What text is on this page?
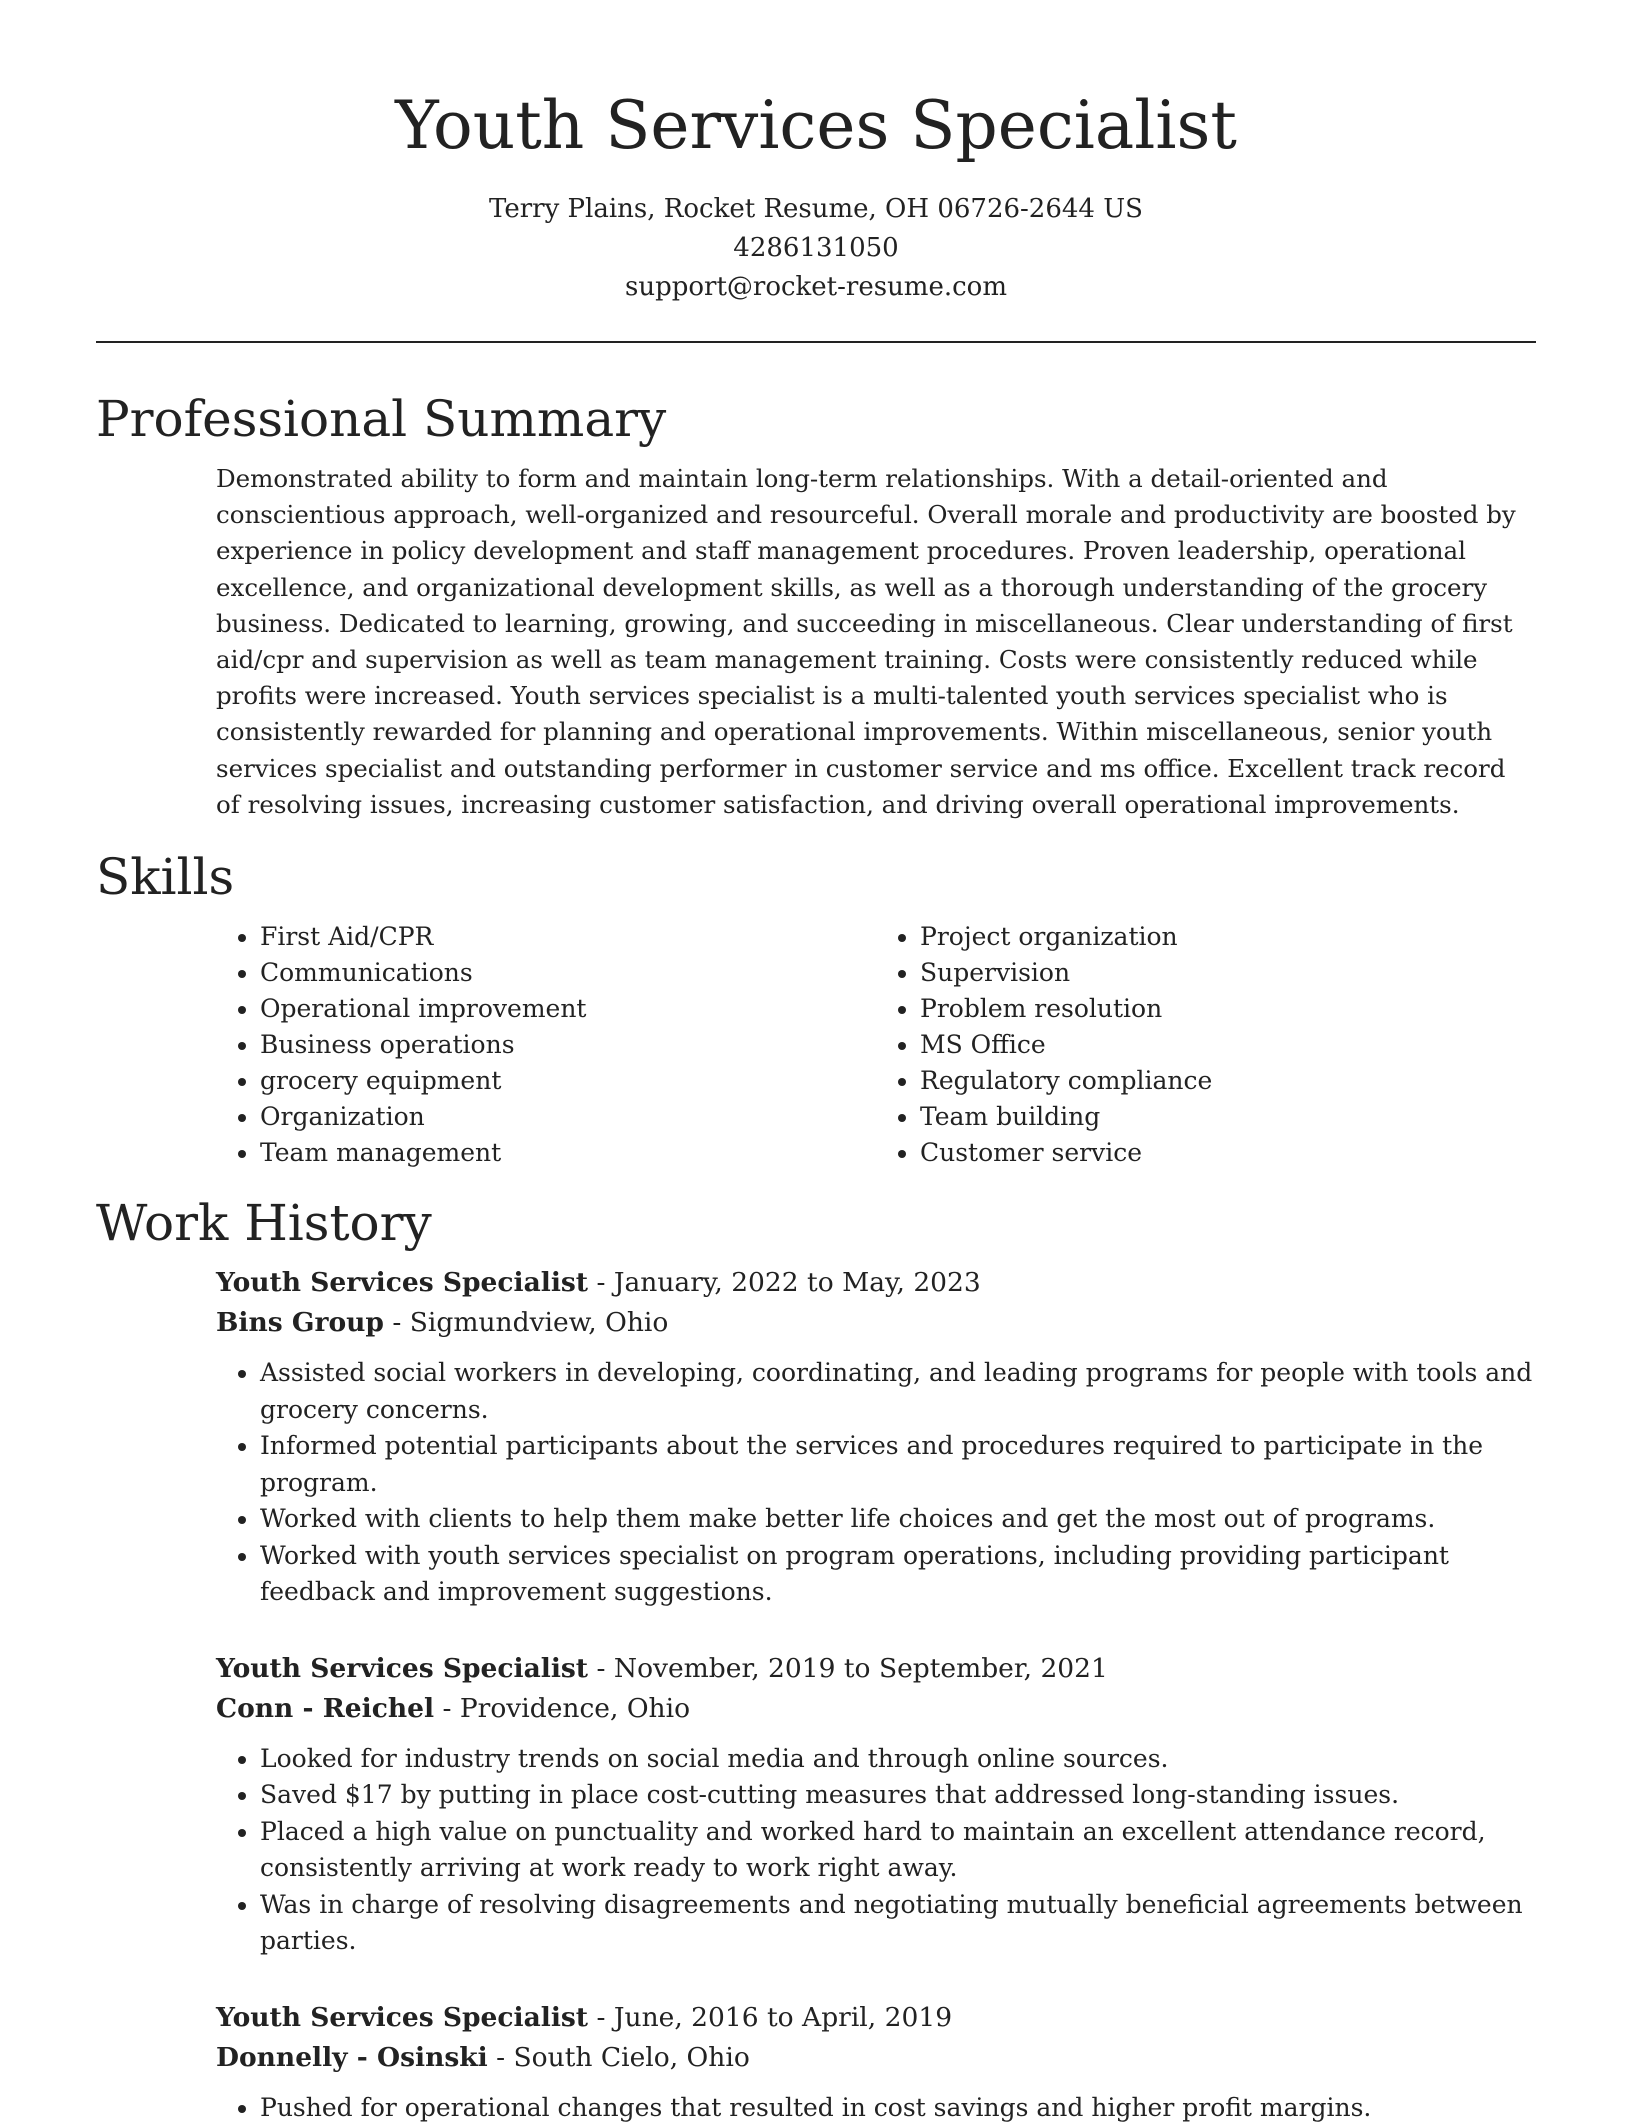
Youth Services Specialist
Terry Plains, Rocket Resume, OH 06726-2644 US
4286131050
support@rocket-resume.com
Professional Summary

Demonstrated ability to form and maintain long-term relationships. With a detail-oriented and conscientious approach, well-organized and resourceful. Overall morale and productivity are boosted by experience in policy development and staff management procedures. Proven leadership, operational excellence, and organizational development skills, as well as a thorough understanding of the grocery business. Dedicated to learning, growing, and succeeding in miscellaneous. Clear understanding of first aid/cpr and supervision as well as team management training. Costs were consistently reduced while profits were increased. Youth services specialist is a multi-talented youth services specialist who is consistently rewarded for planning and operational improvements. Within miscellaneous, senior youth services specialist and outstanding performer in customer service and ms office. Excellent track record of resolving issues, increasing customer satisfaction, and driving overall operational improvements.

Skills
• First Aid/CPR
• Communications
• Operational improvement
• Business operations
• grocery equipment
• Organization
• Team management
• Project organization
• Supervision
• Problem resolution
• MS Office
• Regulatory compliance
• Team building
• Customer service
Work History
Youth Services Specialist - January, 2022 to May, 2023
Bins Group - Sigmundview, Ohio
• Assisted social workers in developing, coordinating, and leading programs for people with tools and grocery concerns.
• Informed potential participants about the services and procedures required to participate in the program.
• Worked with clients to help them make better life choices and get the most out of programs.
• Worked with youth services specialist on program operations, including providing participant feedback and improvement suggestions.
Youth Services Specialist - November, 2019 to September, 2021
Conn - Reichel - Providence, Ohio
• Looked for industry trends on social media and through online sources.
• Saved $17 by putting in place cost-cutting measures that addressed long-standing issues.
• Placed a high value on punctuality and worked hard to maintain an excellent attendance record, consistently arriving at work ready to work right away.
• Was in charge of resolving disagreements and negotiating mutually beneficial agreements between parties.
Youth Services Specialist - June, 2016 to April, 2019
Donnelly - Osinski - South Cielo, Ohio
• Pushed for operational changes that resulted in cost savings and higher profit margins.
